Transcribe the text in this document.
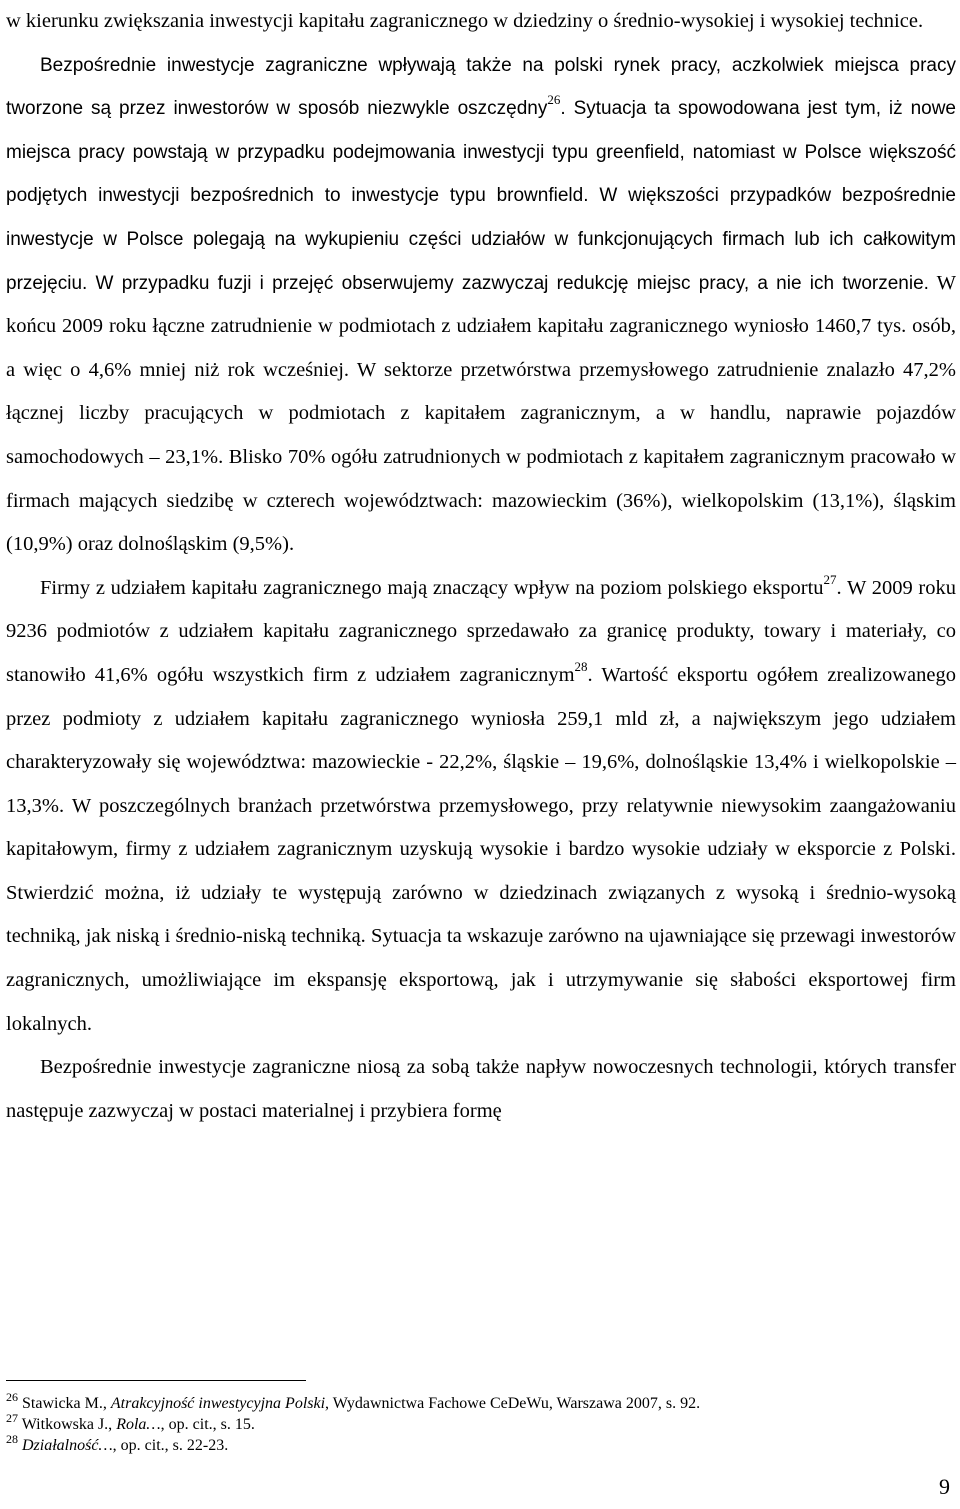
w kierunku zwiększania inwestycji kapitału zagranicznego w dziedziny o średnio-wysokiej i wysokiej technice.

Bezpośrednie inwestycje zagraniczne wpływają także na polski rynek pracy, aczkolwiek miejsca pracy tworzone są przez inwestorów w sposób niezwykle oszczędny$^{26}$. Sytuacja ta spowodowana jest tym, iż nowe miejsca pracy powstają w przypadku podejmowania inwestycji typu greenfield, natomiast w Polsce większość podjętych inwestycji bezpośrednich to inwestycje typu brownfield. W większości przypadków bezpośrednie inwestycje w Polsce polegają na wykupieniu części udziałów w funkcjonujących firmach lub ich całkowitym przejęciu. W przypadku fuzji i przejęć obserwujemy zazwyczaj redukcję miejsc pracy, a nie ich tworzenie. W końcu 2009 roku łączne zatrudnienie w podmiotach z udziałem kapitału zagranicznego wyniosło 1460,7 tys. osób, a więc o 4,6% mniej niż rok wcześniej. W sektorze przetwórstwa przemysłowego zatrudnienie znalazło 47,2% łącznej liczby pracujących w podmiotach z kapitałem zagranicznym, a w handlu, naprawie pojazdów samochodowych – 23,1%. Blisko 70% ogółu zatrudnionych w podmiotach z kapitałem zagranicznym pracowało w firmach mających siedzibę w czterech województwach: mazowieckim (36%), wielkopolskim (13,1%), śląskim (10,9%) oraz dolnośląskim (9,5%).

Firmy z udziałem kapitału zagranicznego mają znaczący wpływ na poziom polskiego eksportu$^{27}$. W 2009 roku 9236 podmiotów z udziałem kapitału zagranicznego sprzedawało za granicę produkty, towary i materiały, co stanowiło 41,6% ogółu wszystkich firm z udziałem zagranicznym$^{28}$. Wartość eksportu ogółem zrealizowanego przez podmioty z udziałem kapitału zagranicznego wyniosła 259,1 mld zł, a największym jego udziałem charakteryzowały się województwa: mazowieckie - 22,2%, śląskie – 19,6%, dolnośląskie 13,4% i wielkopolskie – 13,3%. W poszczególnych branżach przetwórstwa przemysłowego, przy relatywnie niewysokim zaangażowaniu kapitałowym, firmy z udziałem zagranicznym uzyskują wysokie i bardzo wysokie udziały w eksporcie z Polski. Stwierdzić można, iż udziały te występują zarówno w dziedzinach związanych z wysoką i średnio-wysoką techniką, jak niską i średnio-niską techniką. Sytuacja ta wskazuje zarówno na ujawniające się przewagi inwestorów zagranicznych, umożliwiające im ekspansję eksportową, jak i utrzymywanie się słabości eksportowej firm lokalnych.

Bezpośrednie inwestycje zagraniczne niosą za sobą także napływ nowoczesnych technologii, których transfer następuje zazwyczaj w postaci materialnej i przybiera formę

$^{26}$ Stawicka M., Atrakcyjność inwestycyjna Polski, Wydawnictwa Fachowe CeDeWu, Warszawa 2007, s. 92.

$^{27}$ Witkowska J., Rola…, op. cit., s. 15.

$^{28}$ Działalność…, op. cit., s. 22-23.

9
